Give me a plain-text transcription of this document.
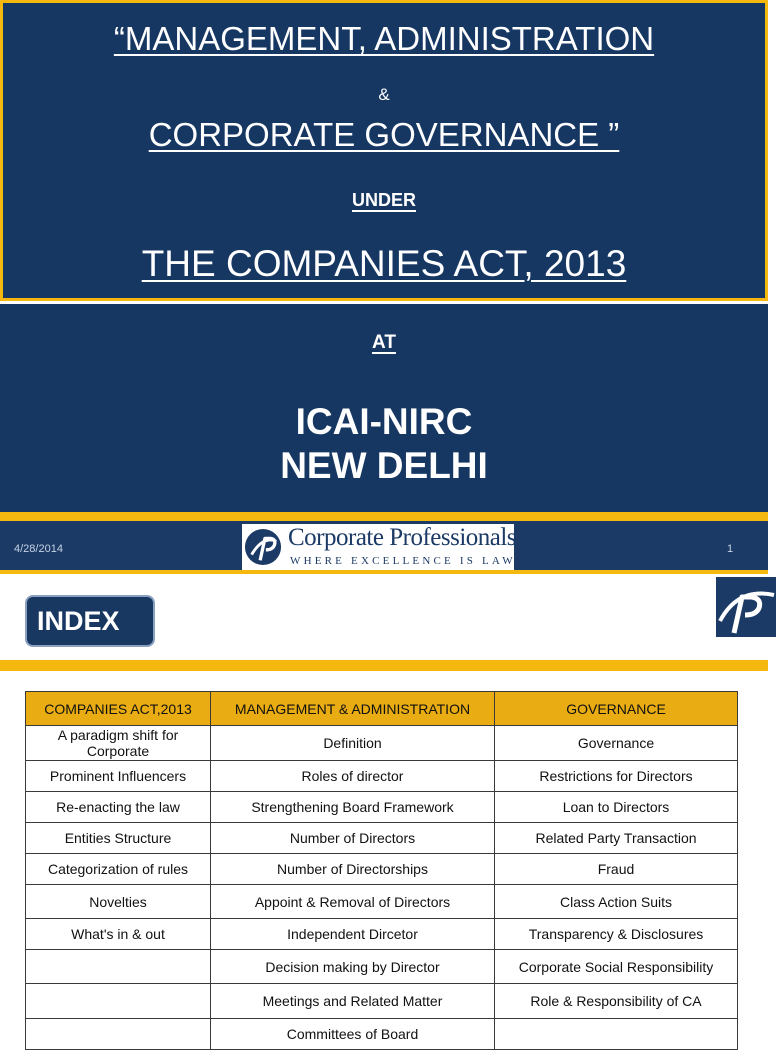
“MANAGEMENT, ADMINISTRATION
&
CORPORATE GOVERNANCE ”
UNDER
THE COMPANIES ACT, 2013
AT
ICAI-NIRC
NEW DELHI
4/28/2014	1
Corporate Professionals
WHERE EXCELLENCE IS LAW
INDEX
COMPANIES ACT,2013	MANAGEMENT & ADMINISTRATION	GOVERNANCE
A paradigm shift for Corporate	Definition	Governance
Prominent Influencers	Roles of director	Restrictions for Directors
Re-enacting the law	Strengthening Board Framework	Loan to Directors
Entities Structure	Number of Directors	Related Party Transaction
Categorization of rules	Number of Directorships	Fraud
Novelties	Appoint & Removal of Directors	Class Action Suits
What's in & out	Independent Dircetor	Transparency & Disclosures
	Decision making by Director	Corporate Social Responsibility
	Meetings and Related Matter	Role & Responsibility of CA
	Committees of Board	
